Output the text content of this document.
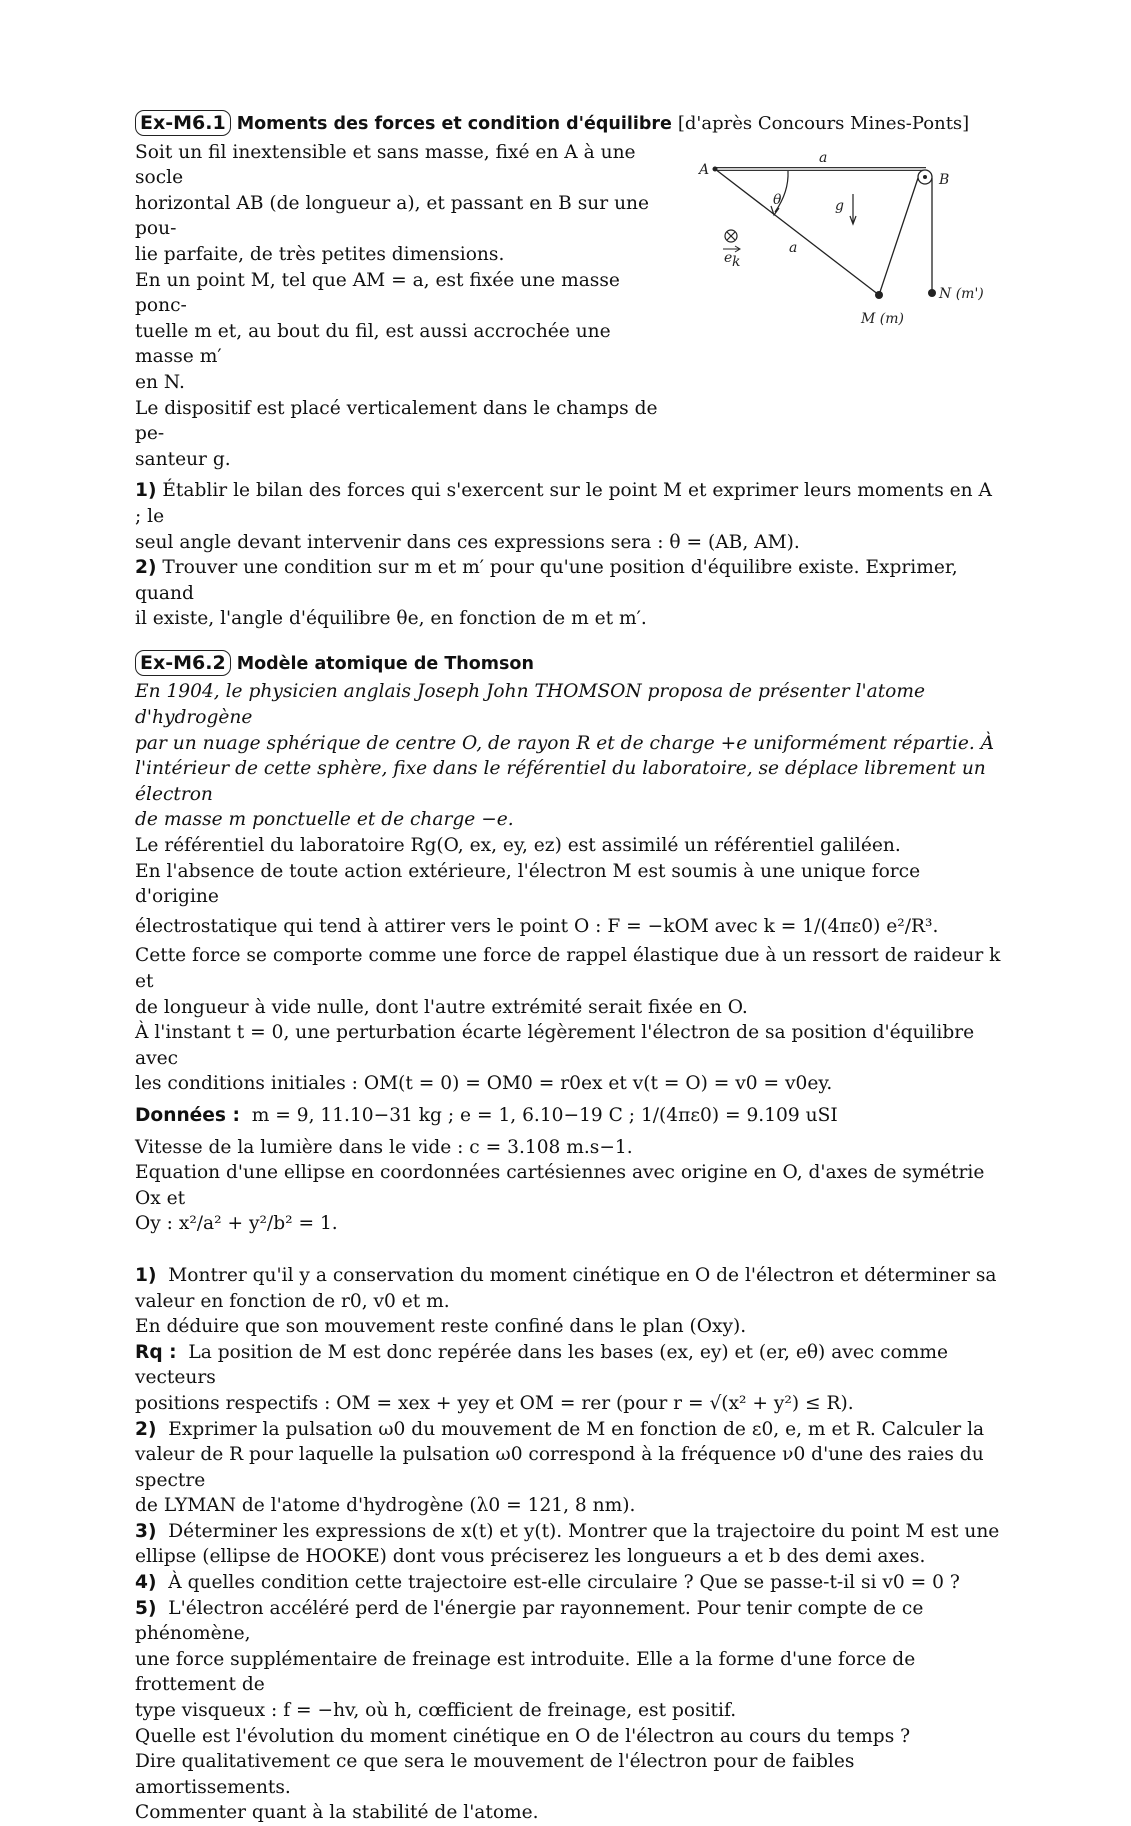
Ex-M6.1 Moments des forces et condition d'équilibre [d'après Concours Mines-Ponts]

Soit un fil inextensible et sans masse, fixé en A à une socle

horizontal AB (de longueur a), et passant en B sur une pou-

lie parfaite, de très petites dimensions.

En un point M, tel que AM = a, est fixée une masse ponc-

tuelle m et, au bout du fil, est aussi accrochée une masse m′

en N.

Le dispositif est placé verticalement dans le champs de pe-

santeur g.

A
B
a
a
θ	g
e k
M (m)
N (m')

1) Établir le bilan des forces qui s'exercent sur le point M et exprimer leurs moments en A ; le

seul angle devant intervenir dans ces expressions sera : θ = (AB, AM).

2) Trouver une condition sur m et m′ pour qu'une position d'équilibre existe. Exprimer, quand

il existe, l'angle d'équilibre θe, en fonction de m et m′.

Ex-M6.2 Modèle atomique de Thomson

En 1904, le physicien anglais Joseph John THOMSON proposa de présenter l'atome d'hydrogène

par un nuage sphérique de centre O, de rayon R et de charge +e uniformément répartie. À

l'intérieur de cette sphère, fixe dans le référentiel du laboratoire, se déplace librement un électron

de masse m ponctuelle et de charge −e.

Le référentiel du laboratoire Rg(O, ex, ey, ez) est assimilé un référentiel galiléen.

En l'absence de toute action extérieure, l'électron M est soumis à une unique force d'origine

électrostatique qui tend à attirer vers le point O : F = −kOM avec k = 1/(4πε0) e²/R³.

Cette force se comporte comme une force de rappel élastique due à un ressort de raideur k et

de longueur à vide nulle, dont l'autre extrémité serait fixée en O.

À l'instant t = 0, une perturbation écarte légèrement l'électron de sa position d'équilibre avec

les conditions initiales : OM(t = 0) = OM0 = r0ex et v(t = O) = v0 = v0ey.

Données : m = 9, 11.10−31 kg ; e = 1, 6.10−19 C ; 1/(4πε0) = 9.109 uSI

Vitesse de la lumière dans le vide : c = 3.108 m.s−1.

Equation d'une ellipse en coordonnées cartésiennes avec origine en O, d'axes de symétrie Ox et

Oy : x²/a² + y²/b² = 1.

1) Montrer qu'il y a conservation du moment cinétique en O de l'électron et déterminer sa

valeur en fonction de r0, v0 et m.

En déduire que son mouvement reste confiné dans le plan (Oxy).

Rq : La position de M est donc repérée dans les bases (ex, ey) et (er, eθ) avec comme vecteurs

positions respectifs : OM = xex + yey et OM = rer (pour r = √(x² + y²) ≤ R).

2) Exprimer la pulsation ω0 du mouvement de M en fonction de ε0, e, m et R. Calculer la

valeur de R pour laquelle la pulsation ω0 correspond à la fréquence ν0 d'une des raies du spectre

de LYMAN de l'atome d'hydrogène (λ0 = 121, 8 nm).

3) Déterminer les expressions de x(t) et y(t). Montrer que la trajectoire du point M est une

ellipse (ellipse de HOOKE) dont vous préciserez les longueurs a et b des demi axes.

4) À quelles condition cette trajectoire est-elle circulaire ? Que se passe-t-il si v0 = 0 ?

5) L'électron accéléré perd de l'énergie par rayonnement. Pour tenir compte de ce phénomène,

une force supplémentaire de freinage est introduite. Elle a la forme d'une force de frottement de

type visqueux : f = −hv, où h, cœfficient de freinage, est positif.

Quelle est l'évolution du moment cinétique en O de l'électron au cours du temps ?

Dire qualitativement ce que sera le mouvement de l'électron pour de faibles amortissements.

Commenter quant à la stabilité de l'atome.
